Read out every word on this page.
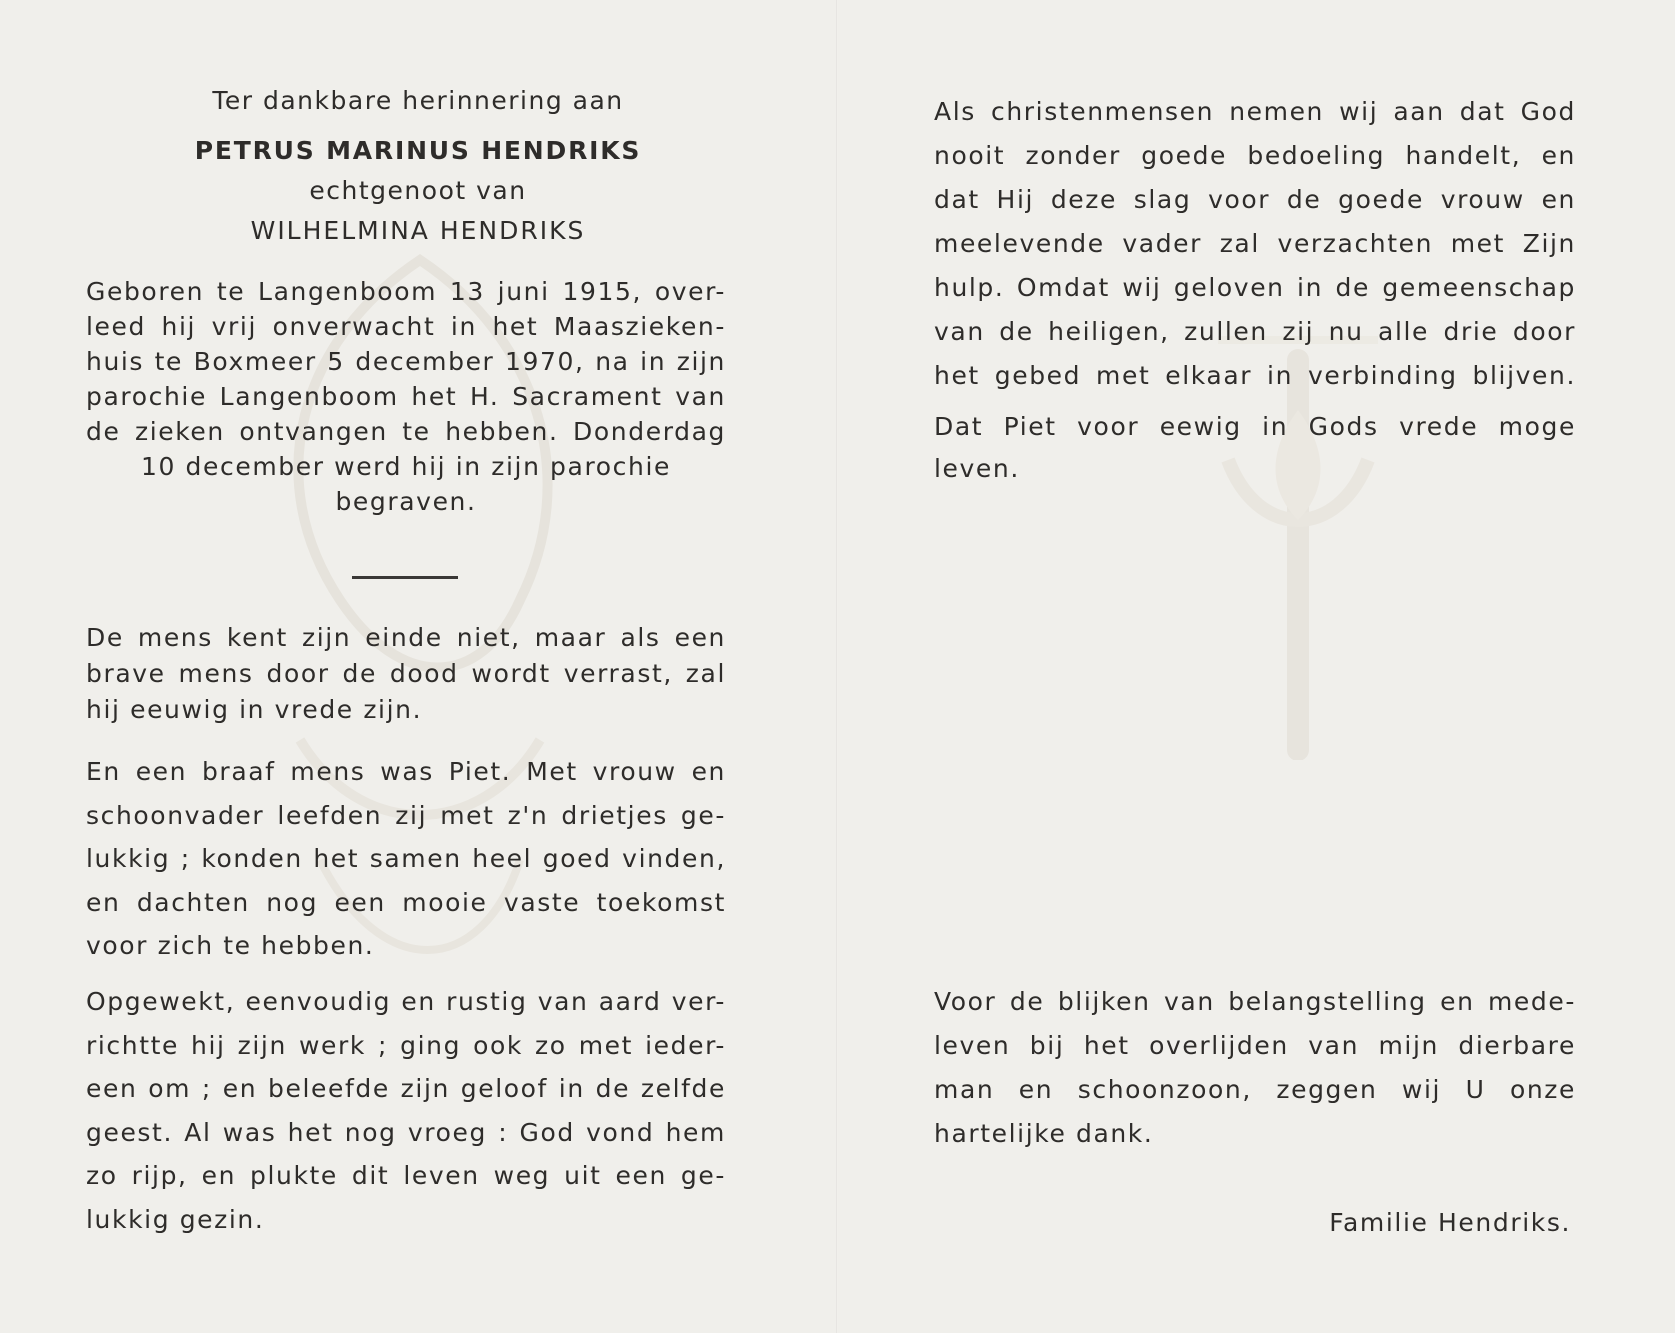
Ter dankbare herinnering aan

PETRUS MARINUS HENDRIKS

echtgenoot van

WILHELMINA HENDRIKS

Geboren te Langenboom 13 juni 1915, over-

leed hij vrij onverwacht in het Maaszieken-

huis te Boxmeer 5 december 1970, na in zijn

parochie Langenboom het H. Sacrament van

de zieken ontvangen te hebben. Donderdag

10 december werd hij in zijn parochie

begraven.

De mens kent zijn einde niet, maar als een

brave mens door de dood wordt verrast, zal

hij eeuwig in vrede zijn.

En een braaf mens was Piet. Met vrouw en

schoonvader leefden zij met z'n drietjes ge-

lukkig ; konden het samen heel goed vinden,

en dachten nog een mooie vaste toekomst

voor zich te hebben.

Opgewekt, eenvoudig en rustig van aard ver-

richtte hij zijn werk ; ging ook zo met ieder-

een om ; en beleefde zijn geloof in de zelfde

geest. Al was het nog vroeg : God vond hem

zo rijp, en plukte dit leven weg uit een ge-

lukkig gezin.

Als christenmensen nemen wij aan dat God

nooit zonder goede bedoeling handelt, en

dat Hij deze slag voor de goede vrouw en

meelevende vader zal verzachten met Zijn

hulp. Omdat wij geloven in de gemeenschap

van de heiligen, zullen zij nu alle drie door

het gebed met elkaar in verbinding blijven.

Dat Piet voor eewig in Gods vrede moge

leven.

Voor de blijken van belangstelling en mede-

leven bij het overlijden van mijn dierbare

man en schoonzoon, zeggen wij U onze

hartelijke dank.

Familie Hendriks.
